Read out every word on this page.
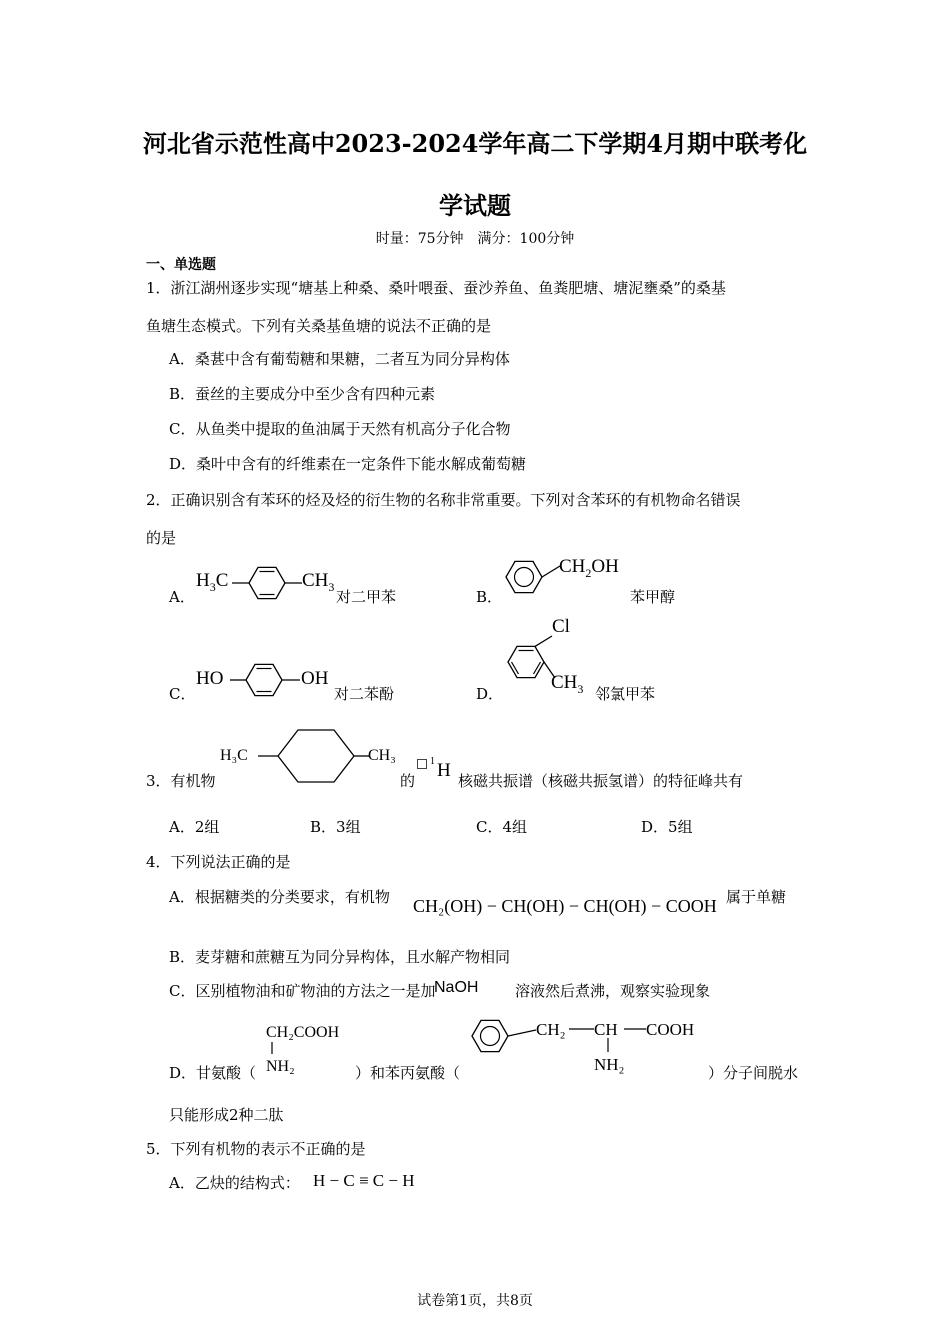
河北省示范性高中2023-2024学年高二下学期4月期中联考化
学试题
时量：75分钟　满分：100分钟
一、单选题
1．浙江湖州逐步实现“塘基上种桑、桑叶喂蚕、蚕沙养鱼、鱼粪肥塘、塘泥壅桑”的桑基
鱼塘生态模式。下列有关桑基鱼塘的说法不正确的是
A．桑葚中含有葡萄糖和果糖，二者互为同分异构体
B．蚕丝的主要成分中至少含有四种元素
C．从鱼类中提取的鱼油属于天然有机高分子化合物
D．桑叶中含有的纤维素在一定条件下能水解成葡萄糖
2．正确识别含有苯环的烃及烃的衍生物的名称非常重要。下列对含苯环的有机物命名错误
的是
A．
$H_3C$	$CH_3$
对二甲苯	B．
$CH_2OH$
苯甲醇
C．
HO	OH
对二苯酚	D．
Cl
$CH_3$ 邻氯甲苯
3．有机物
H₃C	CH₃
的
1 H 核磁共振谱（核磁共振氢谱）的特征峰共有
A．2组	B．3组	C．4组	D．5组
4．下列说法正确的是
A．根据糖类的分类要求，有机物 CH₂(OH) − CH(OH) − CH(OH) − COOH 属于单糖
B．麦芽糖和蔗糖互为同分异构体，且水解产物相同
C．区别植物油和矿物油的方法之一是加
NaOH 溶液然后煮沸，观察实验现象
D．甘氨酸（
CH₂COOH
NH₂	）和苯丙氨酸（
CH₂ CH COOH
NH₂	）分子间脱水
只能形成2种二肽
5．下列有机物的表示不正确的是
A．乙炔的结构式： H − C ≡ C − H
试卷第1页，共8页
